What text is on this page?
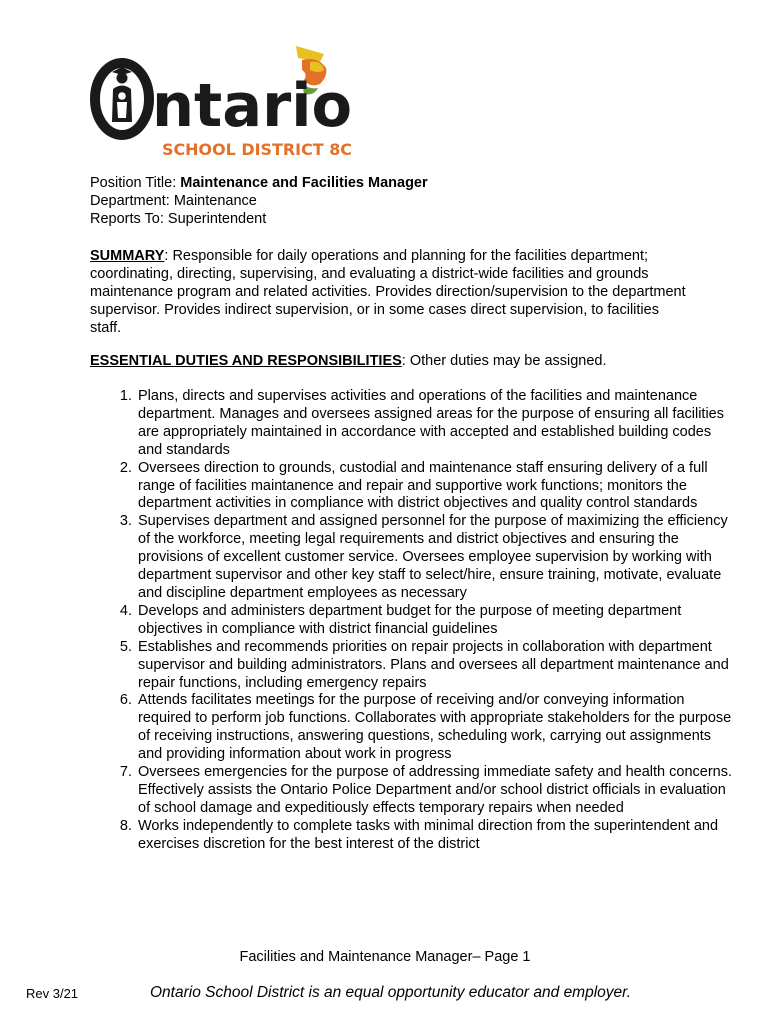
ntario
SCHOOL DISTRICT 8C
Position Title: Maintenance and Facilities Manager
Department: Maintenance
Reports To: Superintendent
SUMMARY: Responsible for daily operations and planning for the facilities department; coordinating, directing, supervising, and evaluating a district-wide facilities and grounds maintenance program and related activities. Provides direction/supervision to the department supervisor. Provides indirect supervision, or in some cases direct supervision, to facilities staff.
ESSENTIAL DUTIES AND RESPONSIBILITIES: Other duties may be assigned.
1. Plans, directs and supervises activities and operations of the facilities and maintenance department. Manages and oversees assigned areas for the purpose of ensuring all facilities are appropriately maintained in accordance with accepted and established building codes and standards
2. Oversees direction to grounds, custodial and maintenance staff ensuring delivery of a full range of facilities maintanence and repair and supportive work functions; monitors the department activities in compliance with district objectives and quality control standards
3. Supervises department and assigned personnel for the purpose of maximizing the efficiency of the workforce, meeting legal requirements and district objectives and ensuring the provisions of excellent customer service. Oversees employee supervision by working with department supervisor and other key staff to select/hire, ensure training, motivate, evaluate and discipline department employees as necessary
4. Develops and administers department budget for the purpose of meeting department objectives in compliance with district financial guidelines
5. Establishes and recommends priorities on repair projects in collaboration with department supervisor and building administrators. Plans and oversees all department maintenance and repair functions, including emergency repairs
6. Attends facilitates meetings for the purpose of receiving and/or conveying information required to perform job functions. Collaborates with appropriate stakeholders for the purpose of receiving instructions, answering questions, scheduling work, carrying out assignments and providing information about work in progress
7. Oversees emergencies for the purpose of addressing immediate safety and health concerns. Effectively assists the Ontario Police Department and/or school district officials in evaluation of school damage and expeditiously effects temporary repairs when needed
8. Works independently to complete tasks with minimal direction from the superintendent and exercises discretion for the best interest of the district
Facilities and Maintenance Manager– Page 1
Rev 3/21	Ontario School District is an equal opportunity educator and employer.
